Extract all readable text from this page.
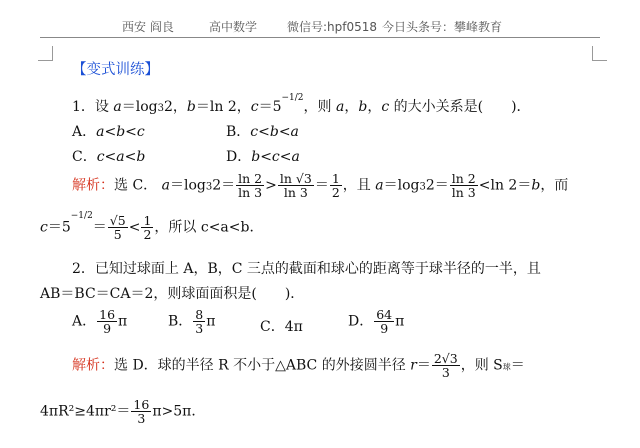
西安 阎良	高中数学 微信号:hpf0518 今日头条号：攀峰教育
【变式训练】
1．设 a＝log32，b＝ln 2，$c=5^{-1/2}$，则 a，b，c 的大小关系是(　　)．
A．a<b<c	B．c<b<a
C．c<a<b	D．b<c<a
解析：选 C． $a=\log 32= \frac{\ln 2}{\ln 3} > \frac{\ln √3}{\ln 3} = \frac{1}{2}$ ，且 $a=\log 32= \frac{\ln 2}{\ln 3} <\ln$ 2＝b，而
$c=5^{-1/2}= \frac{√5}{5} < \frac{1}{2}$ ，所以 c<a<b．
2．已知过球面上 A，B，C 三点的截面和球心的距离等于球半径的一半，且
AB＝BC＝CA＝2，则球面面积是(　　)．
A． $\frac{16}{9}$ π	B． $\frac{8}{3}$ π	C．4π	D． $\frac{64}{9}$ π
解析：选 D．球的半径 R 不小于△ABC 的外接圆半径 $r= \frac{2√3}{3}$ ，则 S球＝
$4\pi R^2\ge 4\pi r^2= \frac{16}{3} \pi>5\pi$．
